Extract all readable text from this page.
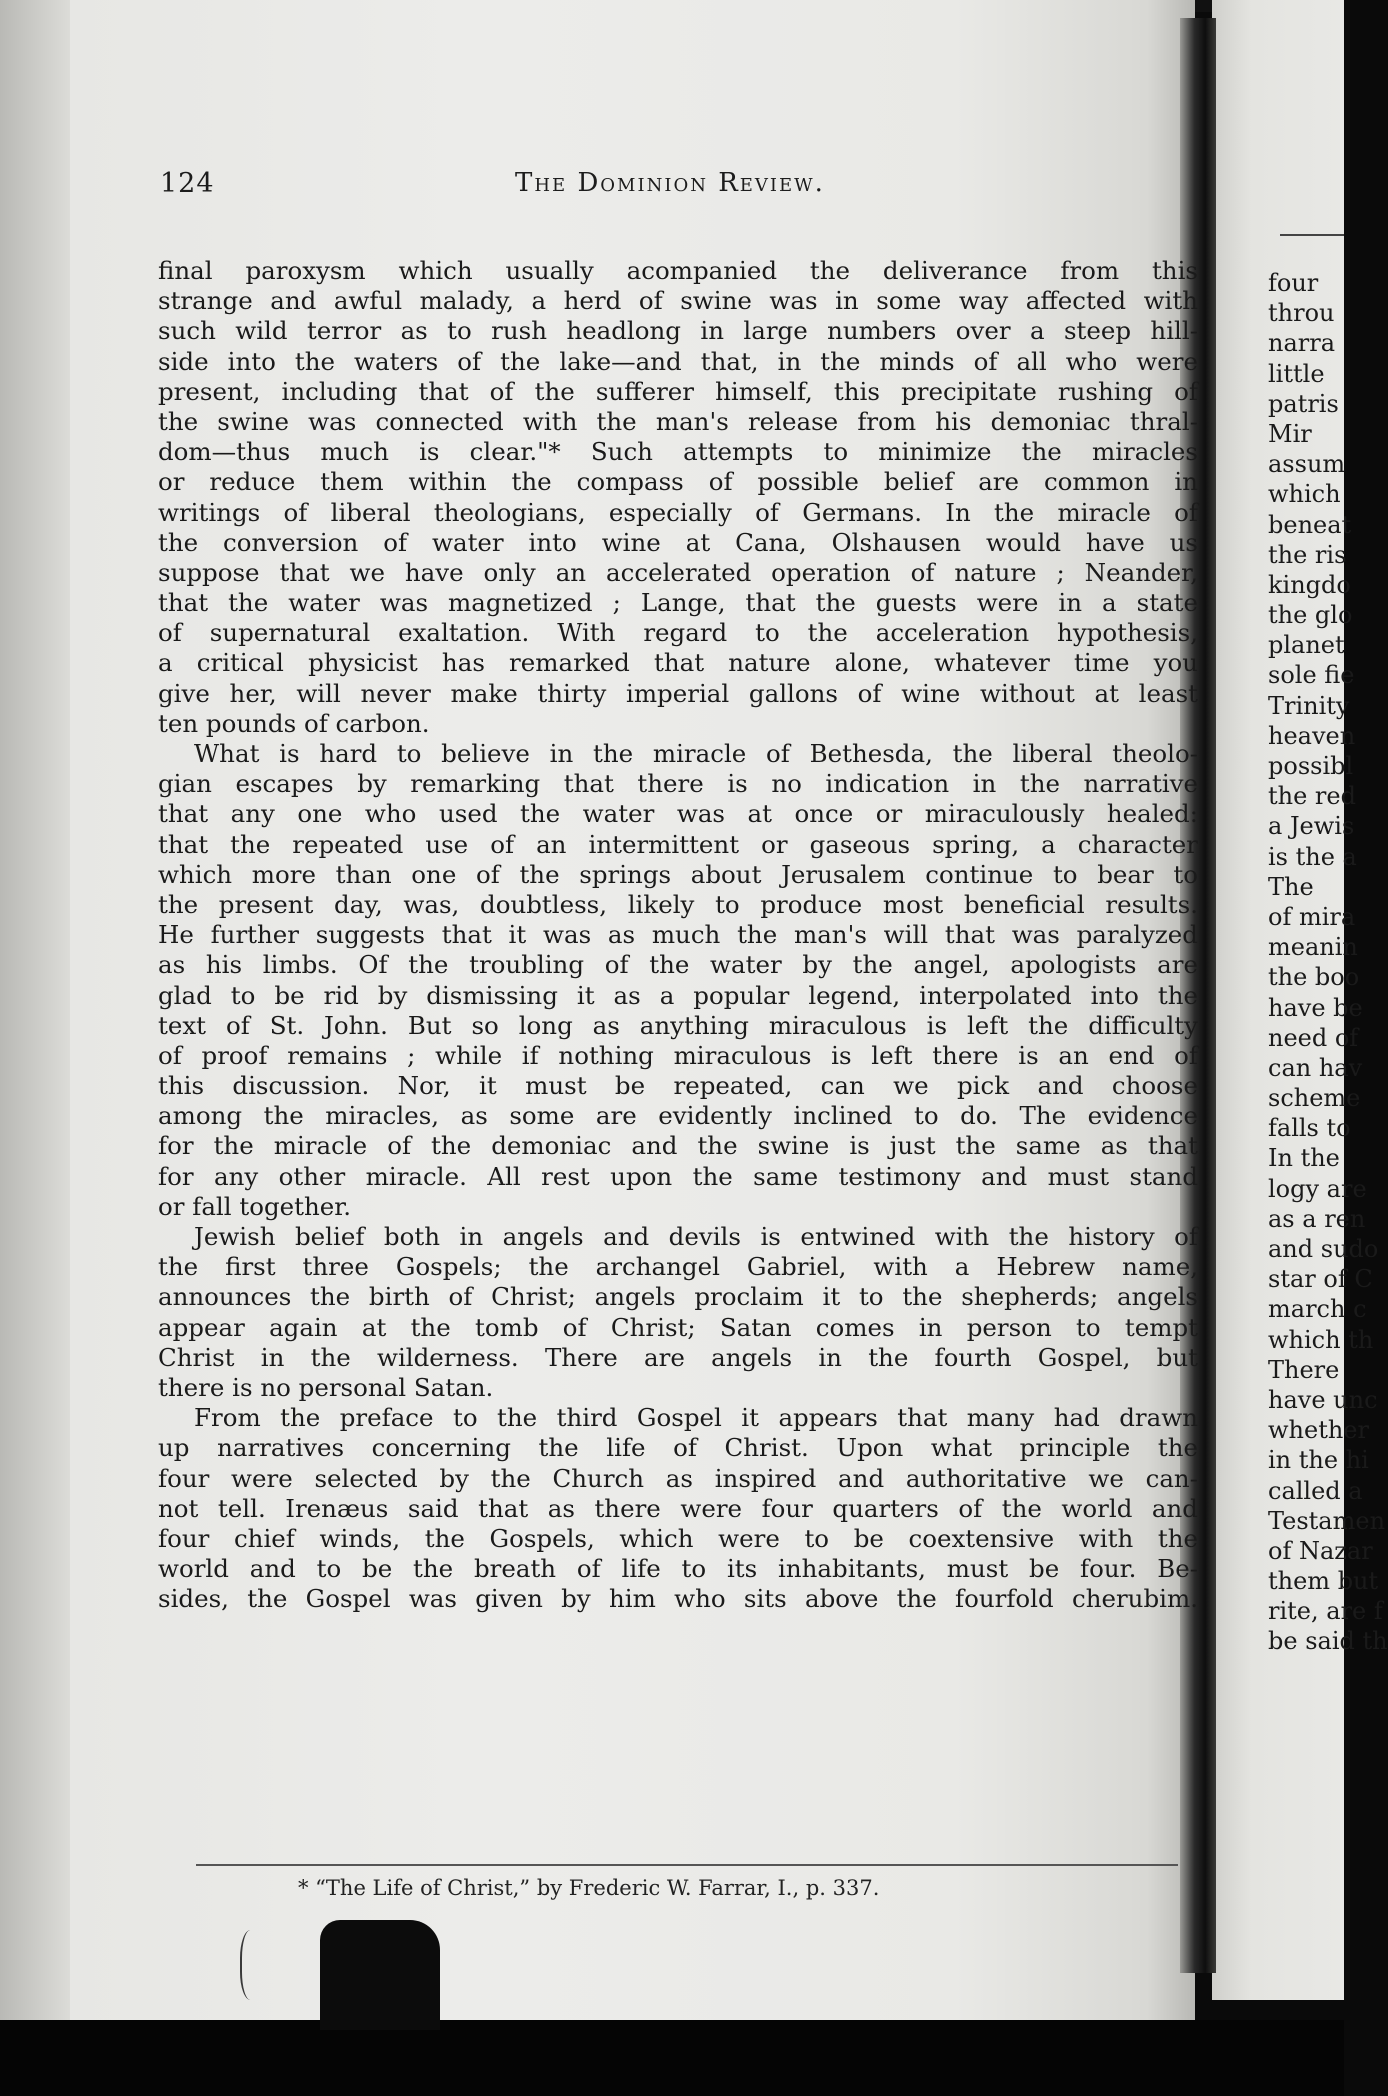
124	The Dominion Review.
final paroxysm which usually acompanied the deliverance from this
strange and awful malady, a herd of swine was in some way affected with
such wild terror as to rush headlong in large numbers over a steep hill-
side into the waters of the lake—and that, in the minds of all who were
present, including that of the sufferer himself, this precipitate rushing of
the swine was connected with the man's release from his demoniac thral-
dom—thus much is clear."* Such attempts to minimize the miracles
or reduce them within the compass of possible belief are common in
writings of liberal theologians, especially of Germans. In the miracle of
the conversion of water into wine at Cana, Olshausen would have us
suppose that we have only an accelerated operation of nature ; Neander,
that the water was magnetized ; Lange, that the guests were in a state
of supernatural exaltation. With regard to the acceleration hypothesis,
a critical physicist has remarked that nature alone, whatever time you
give her, will never make thirty imperial gallons of wine without at least
ten pounds of carbon.
What is hard to believe in the miracle of Bethesda, the liberal theolo-
gian escapes by remarking that there is no indication in the narrative
that any one who used the water was at once or miraculously healed:
that the repeated use of an intermittent or gaseous spring, a character
which more than one of the springs about Jerusalem continue to bear to
the present day, was, doubtless, likely to produce most beneficial results.
He further suggests that it was as much the man's will that was paralyzed
as his limbs. Of the troubling of the water by the angel, apologists are
glad to be rid by dismissing it as a popular legend, interpolated into the
text of St. John. But so long as anything miraculous is left the difficulty
of proof remains ; while if nothing miraculous is left there is an end of
this discussion. Nor, it must be repeated, can we pick and choose
among the miracles, as some are evidently inclined to do. The evidence
for the miracle of the demoniac and the swine is just the same as that
for any other miracle. All rest upon the same testimony and must stand
or fall together.
Jewish belief both in angels and devils is entwined with the history of
the first three Gospels; the archangel Gabriel, with a Hebrew name,
announces the birth of Christ; angels proclaim it to the shepherds; angels
appear again at the tomb of Christ; Satan comes in person to tempt
Christ in the wilderness. There are angels in the fourth Gospel, but
there is no personal Satan.
From the preface to the third Gospel it appears that many had drawn
up narratives concerning the life of Christ. Upon what principle the
four were selected by the Church as inspired and authoritative we can-
not tell. Irenæus said that as there were four quarters of the world and
four chief winds, the Gospels, which were to be coextensive with the
world and to be the breath of life to its inhabitants, must be four. Be-
sides, the Gospel was given by him who sits above the fourfold cherubim.
* “The Life of Christ,” by Frederic W. Farrar, I., p. 337.
four
throu
narra
little
patris
Mir
assum
which
beneat
the ris
kingdo
the glo
planet
sole fie
Trinity
heaven
possibl
the red
a Jewis
is the a
The
of mira
meanin
the boo
have be
need of
can hav
scheme
falls to
In the
logy are
as a ren
and sudo
star of C
march c
which th
There
have unc
whether
in the hi
called a
Testamen
of Nazar
them but
rite, are f
be said th
